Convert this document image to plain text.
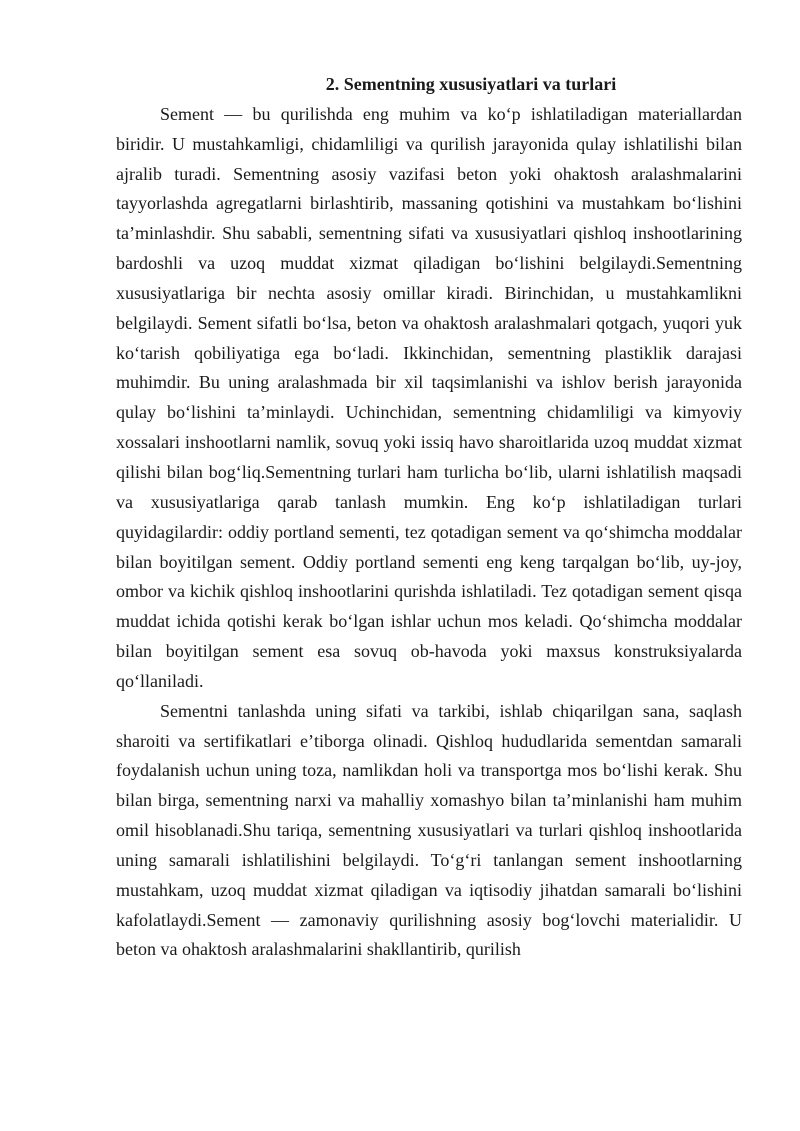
2. Sementning xususiyatlari va turlari

Sement — bu qurilishda eng muhim va koʻp ishlatiladigan materiallardan biridir. U mustahkamligi, chidamliligi va qurilish jarayonida qulay ishlatilishi bilan ajralib turadi. Sementning asosiy vazifasi beton yoki ohaktosh aralashmalarini tayyorlashda agregatlarni birlashtirib, massaning qotishini va mustahkam boʻlishini taʼminlashdir. Shu sababli, sementning sifati va xususiyatlari qishloq inshootlarining bardoshli va uzoq muddat xizmat qiladigan boʻlishini belgilaydi.Sementning xususiyatlariga bir nechta asosiy omillar kiradi. Birinchidan, u mustahkamlikni belgilaydi. Sement sifatli boʻlsa, beton va ohaktosh aralashmalari qotgach, yuqori yuk koʻtarish qobiliyatiga ega boʻladi. Ikkinchidan, sementning plastiklik darajasi muhimdir. Bu uning aralashmada bir xil taqsimlanishi va ishlov berish jarayonida qulay boʻlishini taʼminlaydi. Uchinchidan, sementning chidamliligi va kimyoviy xossalari inshootlarni namlik, sovuq yoki issiq havo sharoitlarida uzoq muddat xizmat qilishi bilan bogʻliq.Sementning turlari ham turlicha boʻlib, ularni ishlatilish maqsadi va xususiyatlariga qarab tanlash mumkin. Eng koʻp ishlatiladigan turlari quyidagilardir: oddiy portland sementi, tez qotadigan sement va qoʻshimcha moddalar bilan boyitilgan sement. Oddiy portland sementi eng keng tarqalgan boʻlib, uy-joy, ombor va kichik qishloq inshootlarini qurishda ishlatiladi. Tez qotadigan sement qisqa muddat ichida qotishi kerak boʻlgan ishlar uchun mos keladi. Qoʻshimcha moddalar bilan boyitilgan sement esa sovuq ob-havoda yoki maxsus konstruksiyalarda qoʻllaniladi.

Sementni tanlashda uning sifati va tarkibi, ishlab chiqarilgan sana, saqlash sharoiti va sertifikatlari eʼtiborga olinadi. Qishloq hududlarida sementdan samarali foydalanish uchun uning toza, namlikdan holi va transportga mos boʻlishi kerak. Shu bilan birga, sementning narxi va mahalliy xomashyo bilan taʼminlanishi ham muhim omil hisoblanadi.Shu tariqa, sementning xususiyatlari va turlari qishloq inshootlarida uning samarali ishlatilishini belgilaydi. Toʻgʻri tanlangan sement inshootlarning mustahkam, uzoq muddat xizmat qiladigan va iqtisodiy jihatdan samarali boʻlishini kafolatlaydi.Sement — zamonaviy qurilishning asosiy bogʻlovchi materialidir. U beton va ohaktosh aralashmalarini shakllantirib, qurilish
